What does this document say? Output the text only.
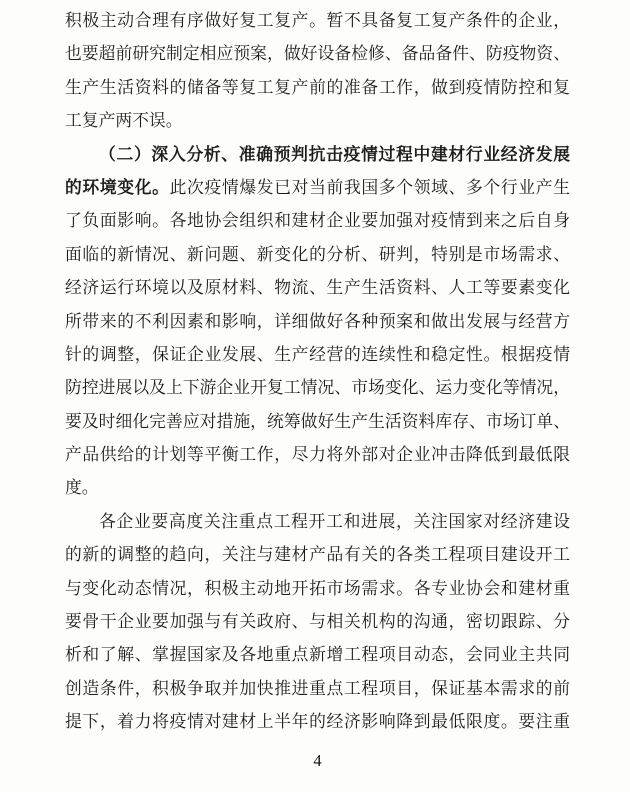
积极主动合理有序做好复工复产。暂不具备复工复产条件的企业，
也要超前研究制定相应预案，做好设备检修、备品备件、防疫物资、
生产生活资料的储备等复工复产前的准备工作，做到疫情防控和复
工复产两不误。
（二）深入分析、准确预判抗击疫情过程中建材行业经济发展
的环境变化。此次疫情爆发已对当前我国多个领域、多个行业产生
了负面影响。各地协会组织和建材企业要加强对疫情到来之后自身
面临的新情况、新问题、新变化的分析、研判，特别是市场需求、
经济运行环境以及原材料、物流、生产生活资料、人工等要素变化
所带来的不利因素和影响，详细做好各种预案和做出发展与经营方
针的调整，保证企业发展、生产经营的连续性和稳定性。根据疫情
防控进展以及上下游企业开复工情况、市场变化、运力变化等情况，
要及时细化完善应对措施，统筹做好生产生活资料库存、市场订单、
产品供给的计划等平衡工作，尽力将外部对企业冲击降低到最低限
度。
各企业要高度关注重点工程开工和进展，关注国家对经济建设
的新的调整的趋向，关注与建材产品有关的各类工程项目建设开工
与变化动态情况，积极主动地开拓市场需求。各专业协会和建材重
要骨干企业要加强与有关政府、与相关机构的沟通，密切跟踪、分
析和了解、掌握国家及各地重点新增工程项目动态，会同业主共同
创造条件，积极争取并加快推进重点工程项目，保证基本需求的前
提下，着力将疫情对建材上半年的经济影响降到最低限度。要注重
4
